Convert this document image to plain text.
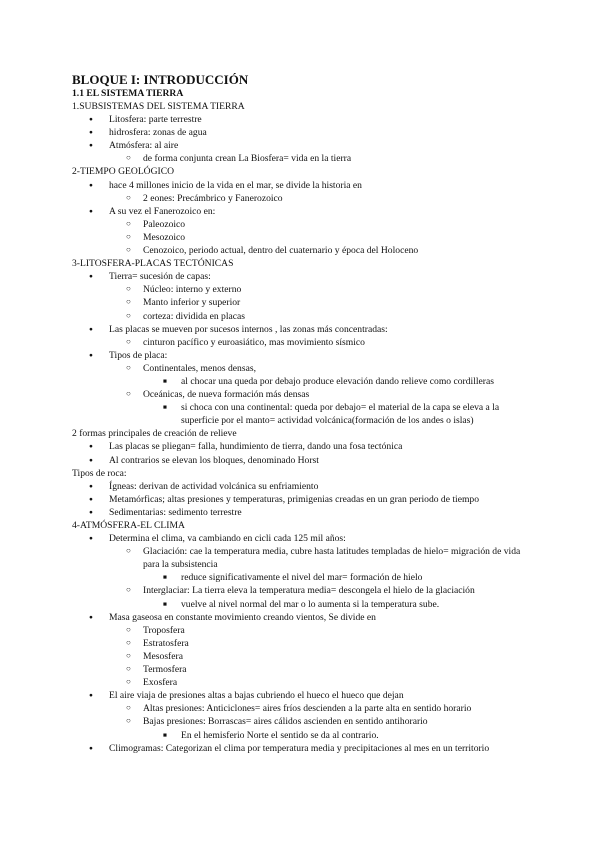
BLOQUE I: INTRODUCCIÓN
1.1 EL SISTEMA TIERRA
1.SUBSISTEMAS DEL SISTEMA TIERRA
●
Litosfera: parte terrestre
●
hidrosfera: zonas de agua
●
Atmósfera: al aire
○
de forma conjunta crean La Biosfera= vida en la tierra
2-TIEMPO GEOLÓGICO
●
hace 4 millones inicio de la vida en el mar, se divide la historia en
○
2 eones: Precámbrico y Fanerozoico
●
A su vez el Fanerozoico en:
○
Paleozoico
○
Mesozoico
○
Cenozoico, periodo actual, dentro del cuaternario y época del Holoceno
3-LITOSFERA-PLACAS TECTÓNICAS
●
Tierra= sucesión de capas:
○
Núcleo: interno y externo
○
Manto inferior y superior
○
corteza: dividida en placas
●
Las placas se mueven por sucesos internos , las zonas más concentradas:
○
cinturon pacífico y euroasiático, mas movimiento sísmico
●
Tipos de placa:
○
Continentales, menos densas,
■
al chocar una queda por debajo produce elevación dando relieve como cordilleras
○
Oceánicas, de nueva formación más densas
■
si choca con una continental: queda por debajo= el material de la capa se eleva a la superficie por el manto= actividad volcánica(formación de los andes o islas)
2 formas principales de creación de relieve
●
Las placas se pliegan= falla, hundimiento de tierra, dando una fosa tectónica
●
Al contrarios se elevan los bloques, denominado Horst
Tipos de roca:
●
Ígneas: derivan de actividad volcánica su enfriamiento
●
Metamórficas; altas presiones y temperaturas, primigenias creadas en un gran periodo de tiempo
●
Sedimentarias: sedimento terrestre
4-ATMÓSFERA-EL CLIMA
●
Determina el clima, va cambiando en cicli cada 125 mil años:
○
Glaciación: cae la temperatura media, cubre hasta latitudes templadas de hielo= migración de vida para la subsistencia
■
reduce significativamente el nivel del mar= formación de hielo
○
Interglaciar: La tierra eleva la temperatura media= descongela el hielo de la glaciación
■
vuelve al nivel normal del mar o lo aumenta si la temperatura sube.
●
Masa gaseosa en constante movimiento creando vientos, Se divide en
○
Troposfera
○
Estratosfera
○
Mesosfera
○
Termosfera
○
Exosfera
●
El aire viaja de presiones altas a bajas cubriendo el hueco el hueco que dejan
○
Altas presiones: Anticiclones= aires fríos descienden a la parte alta en sentido horario
○
Bajas presiones: Borrascas= aires cálidos ascienden en sentido antihorario
■
En el hemisferio Norte el sentido se da al contrario.
●
Climogramas: Categorizan el clima por temperatura media y precipitaciones al mes en un territorio
